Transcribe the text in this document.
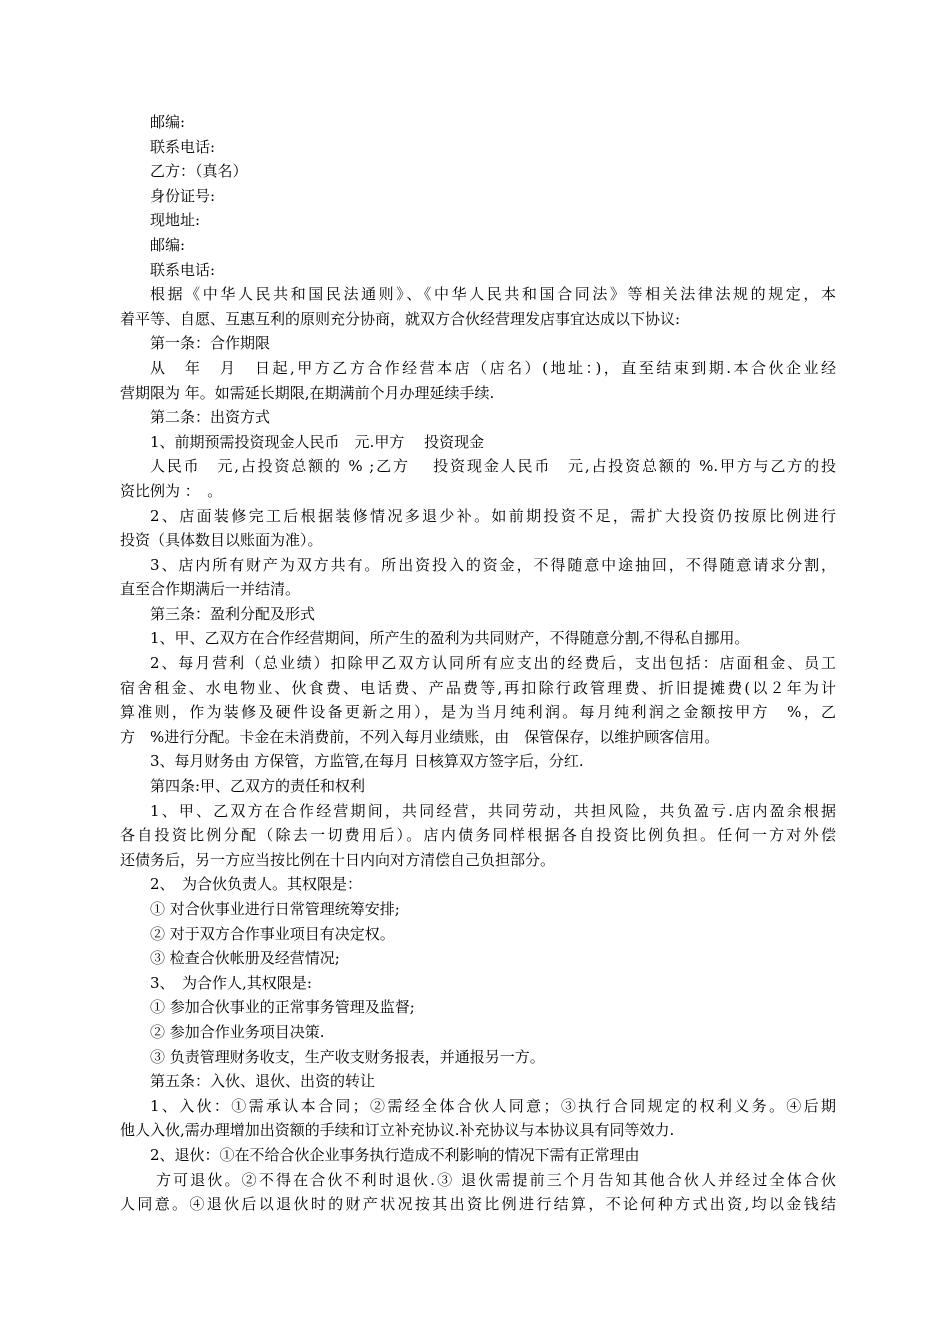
邮编:
联系电话:
乙方：（真名）
身份证号:
现地址:
邮编:
联系电话:
根据《中华人民共和国民法通则》、《中华人民共和国合同法》等相关法律法规的规定，本
着平等、自愿、互惠互利的原则充分协商，就双方合伙经营理发店事宜达成以下协议:
第一条：合作期限
从　年　月　日起,甲方乙方合作经营本店（店名）(地址：)，直至结束到期.本合伙企业经
营期限为 年。如需延长期限,在期满前个月办理延续手续.
第二条：出资方式
1、前期预需投资现金人民币　元.甲方　 投资现金
人民币　元,占投资总额的 % ;乙方　 投资现金人民币　元,占投资总额的 %.甲方与乙方的投
资比例为 ：　。
2、店面装修完工后根据装修情况多退少补。如前期投资不足，需扩大投资仍按原比例进行
投资（具体数目以账面为准）。
3、店内所有财产为双方共有。所出资投入的资金，不得随意中途抽回，不得随意请求分割，
直至合作期满后一并结清。
第三条：盈利分配及形式
1、甲、乙双方在合作经营期间，所产生的盈利为共同财产，不得随意分割,不得私自挪用。
2、每月营利（总业绩）扣除甲乙双方认同所有应支出的经费后，支出包括：店面租金、员工
宿舍租金、水电物业、伙食费、电话费、产品费等,再扣除行政管理费、折旧提摊费(以２年为计
算准则，作为装修及硬件设备更新之用），是为当月纯利润。每月纯利润之金额按甲方　%，乙
方　%进行分配。卡金在未消费前，不列入每月业绩账，由　保管保存，以维护顾客信用。
3、每月财务由 方保管，方监管,在每月 日核算双方签字后，分红.
第四条:甲、乙双方的责任和权利
1、甲、乙双方在合作经营期间，共同经营，共同劳动，共担风险，共负盈亏.店内盈余根据
各自投资比例分配（除去一切费用后）。店内债务同样根据各自投资比例负担。任何一方对外偿
还债务后，另一方应当按比例在十日内向对方清偿自己负担部分。
2、　为合伙负责人。其权限是：
① 对合伙事业进行日常管理统筹安排;
② 对于双方合作事业项目有决定权。
③ 检查合伙帐册及经营情况;
3、　为合作人,其权限是:
① 参加合伙事业的正常事务管理及监督;
② 参加合作业务项目决策.
③ 负责管理财务收支，生产收支财务报表，并通报另一方。
第五条：入伙、退伙、出资的转让
1、入伙：①需承认本合同；②需经全体合伙人同意；③执行合同规定的权利义务。④后期
他人入伙,需办理增加出资额的手续和订立补充协议.补充协议与本协议具有同等效力.
2、退伙：①在不给合伙企业事务执行造成不利影响的情况下需有正常理由
方可退伙。②不得在合伙不利时退伙.③ 退伙需提前三个月告知其他合伙人并经过全体合伙
人同意。④退伙后以退伙时的财产状况按其出资比例进行结算，不论何种方式出资,均以金钱结
